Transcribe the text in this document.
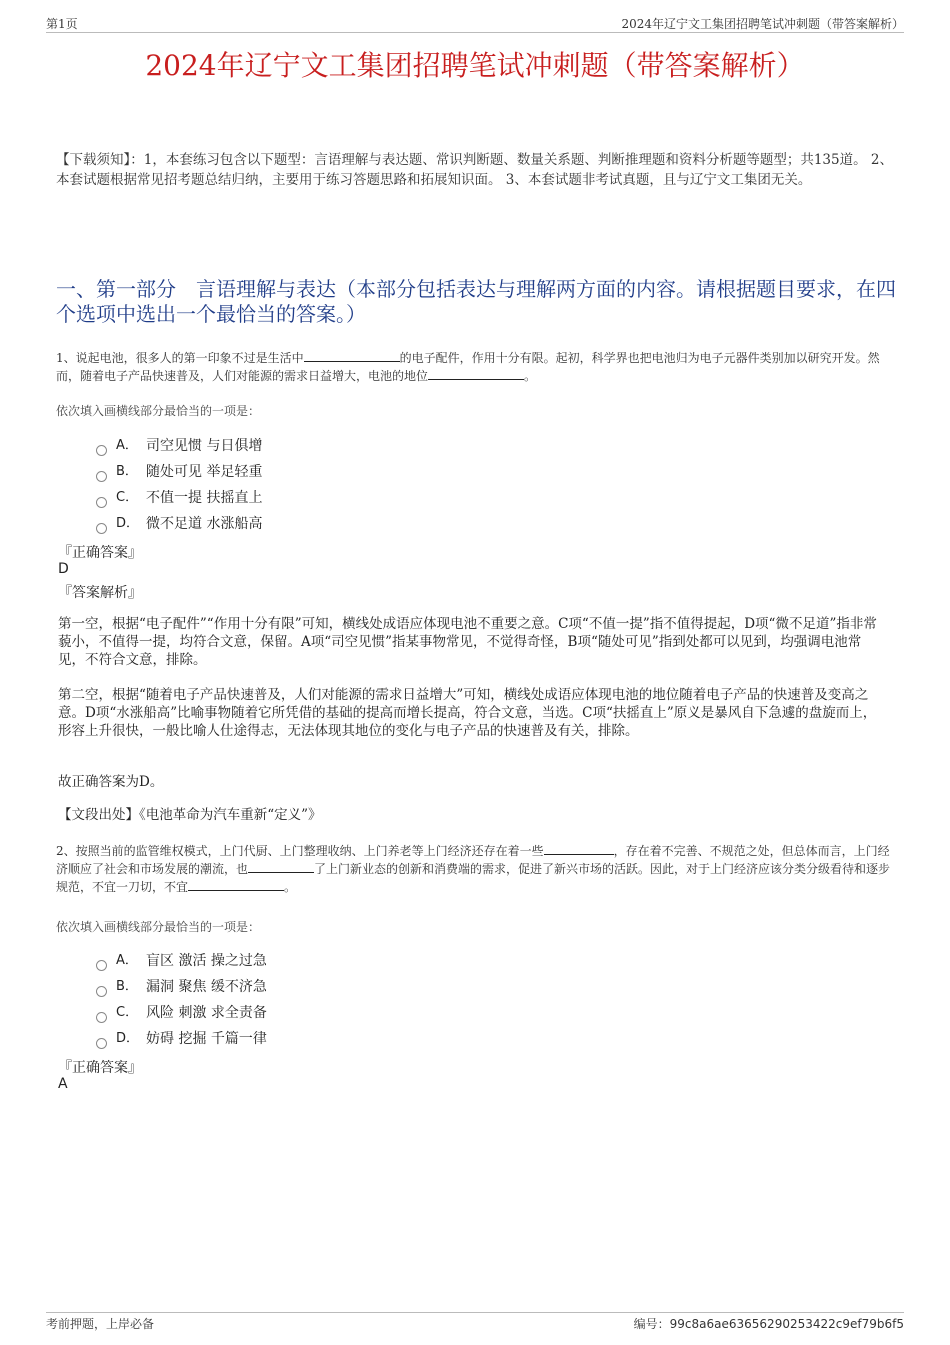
第1页	2024年辽宁文工集团招聘笔试冲刺题（带答案解析）
2024年辽宁文工集团招聘笔试冲刺题（带答案解析）
【下载须知】：1，本套练习包含以下题型：言语理解与表达题、常识判断题、数量关系题、判断推理题和资料分析题等题型；共135道。 2、本套试题根据常见招考题总结归纳，主要用于练习答题思路和拓展知识面。 3、本套试题非考试真题，且与辽宁文工集团无关。
一、第一部分　言语理解与表达（本部分包括表达与理解两方面的内容。请根据题目要求，在四个选项中选出一个最恰当的答案。）
1、说起电池，很多人的第一印象不过是生活中	的电子配件，作用十分有限。起初，科学界也把电池归为电子元器件类别加以研究开发。然而，随着电子产品快速普及，人们对能源的需求日益增大，电池的地位	。
依次填入画横线部分最恰当的一项是：
A． 司空见惯 与日俱增
B． 随处可见 举足轻重
C． 不值一提 扶摇直上
D． 微不足道 水涨船高
『正确答案』
D
『答案解析』
第一空，根据“电子配件”“作用十分有限”可知，横线处成语应体现电池不重要之意。C项“不值一提”指不值得提起，D项“微不足道”指非常藐小，不值得一提，均符合文意，保留。A项“司空见惯”指某事物常见，不觉得奇怪，B项“随处可见”指到处都可以见到，均强调电池常见，不符合文意，排除。
第二空，根据“随着电子产品快速普及，人们对能源的需求日益增大”可知，横线处成语应体现电池的地位随着电子产品的快速普及变高之意。D项“水涨船高”比喻事物随着它所凭借的基础的提高而增长提高，符合文意，当选。C项“扶摇直上”原义是暴风自下急遽的盘旋而上，形容上升很快，一般比喻人仕途得志，无法体现其地位的变化与电子产品的快速普及有关，排除。
故正确答案为D。
【文段出处】《电池革命为汽车重新“定义”》
2、按照当前的监管维权模式，上门代厨、上门整理收纳、上门养老等上门经济还存在着一些	，存在着不完善、不规范之处，但总体而言，上门经济顺应了社会和市场发展的潮流，也	了上门新业态的创新和消费端的需求，促进了新兴市场的活跃。因此，对于上门经济应该分类分级看待和逐步规范，不宜一刀切，不宜	。
依次填入画横线部分最恰当的一项是：
A． 盲区 激活 操之过急
B． 漏洞 聚焦 缓不济急
C． 风险 刺激 求全责备
D． 妨碍 挖掘 千篇一律
『正确答案』
A
考前押题，上岸必备	编号：99c8a6ae63656290253422c9ef79b6f5
